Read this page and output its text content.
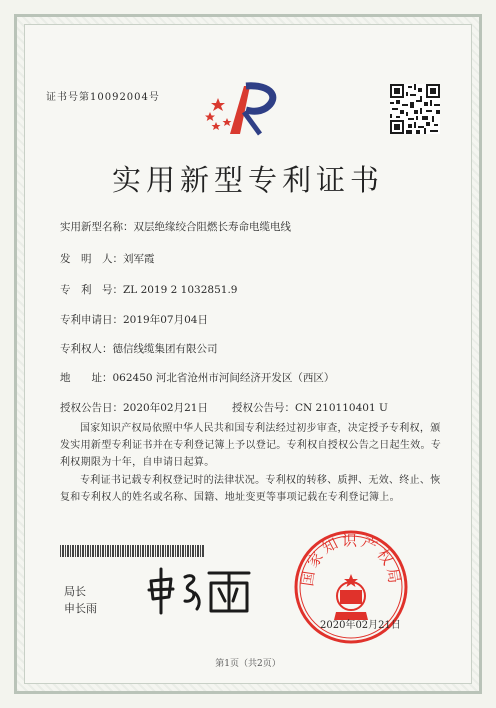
证书号第10092004号
实用新型专利证书
实用新型名称：双层绝缘绞合阻燃长寿命电缆电线
发　明　人：刘军霞
专　利　号：ZL 2019 2 1032851.9
专利申请日：2019年07月04日
专利权人：德信线缆集团有限公司
地　　址：062450 河北省沧州市河间经济开发区（西区）
授权公告日：2020年02月21日 授权公告号：CN 210110401 U
国家知识产权局依照中华人民共和国专利法经过初步审查，决定授予专利权，颁发实用新型专利证书并在专利登记簿上予以登记。专利权自授权公告之日起生效。专利权期限为十年，自申请日起算。
专利证书记载专利权登记时的法律状况。专利权的转移、质押、无效、终止、恢复和专利权人的姓名或名称、国籍、地址变更等事项记载在专利登记簿上。
局长
申长雨
国家知识产权局
2020年02月21日
第1页（共2页）
